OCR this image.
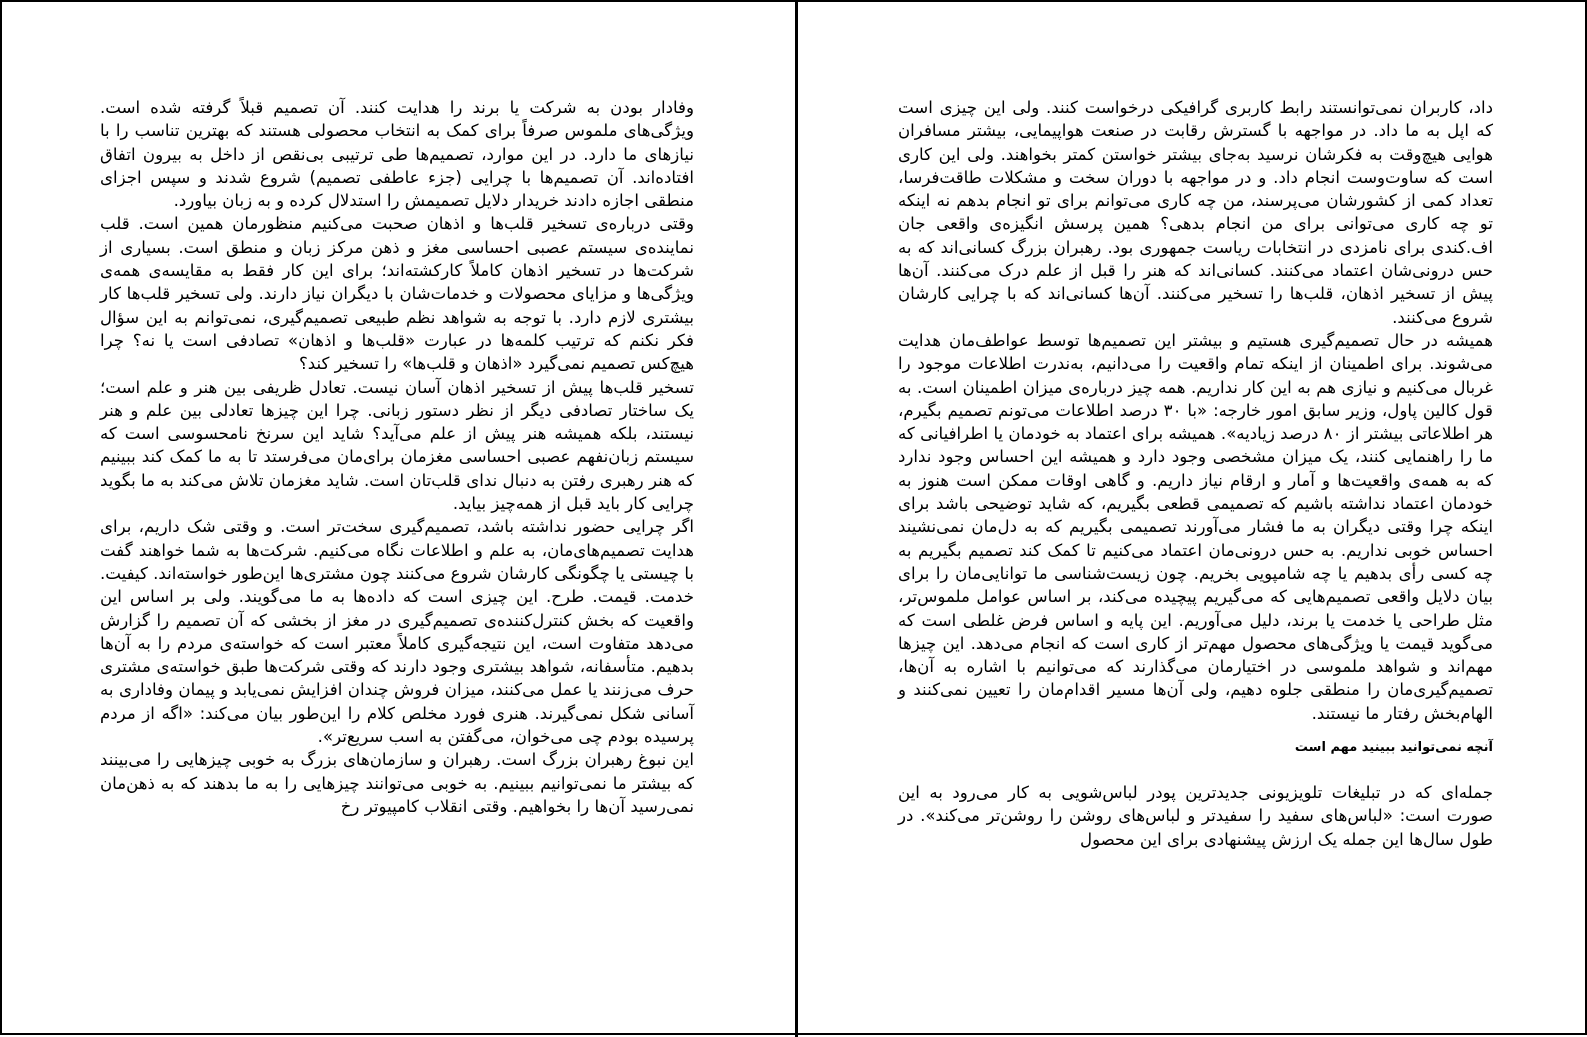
وفادار بودن به شرکت یا برند را هدایت کنند. آن تصمیم قبلاً گرفته شده است. ویژگی‌های ملموس صرفاً برای کمک به انتخاب محصولی هستند که بهترین تناسب را با نیازهای ما دارد. در این موارد، تصمیم‌ها طی ترتیبی بی‌نقص از داخل به بیرون اتفاق افتاده‌اند. آن تصمیم‌ها با چرایی (جزء عاطفی تصمیم) شروع شدند و سپس اجزای منطقی اجازه دادند خریدار دلایل تصمیمش را استدلال کرده و به زبان بیاورد.

وقتی درباره‌ی تسخیر قلب‌ها و اذهان صحبت می‌کنیم منظورمان همین است. قلب نماینده‌ی سیستم عصبی احساسی مغز و ذهن مرکز زبان و منطق است. بسیاری از شرکت‌ها در تسخیر اذهان کاملاً کارکشته‌اند؛ برای این کار فقط به مقایسه‌ی همه‌ی ویژگی‌ها و مزایای محصولات و خدمات‌شان با دیگران نیاز دارند. ولی تسخیر قلب‌ها کار بیشتری لازم دارد. با توجه به شواهد نظم طبیعی تصمیم‌گیری، نمی‌توانم به این سؤال فکر نکنم که ترتیب کلمه‌ها در عبارت «قلب‌ها و اذهان» تصادفی است یا نه؟ چرا هیچ‌کس تصمیم نمی‌گیرد «اذهان و قلب‌ها» را تسخیر کند؟

تسخیر قلب‌ها پیش از تسخیر اذهان آسان نیست. تعادل ظریفی بین هنر و علم است؛ یک ساختار تصادفی دیگر از نظر دستور زبانی. چرا این چیزها تعادلی بین علم و هنر نیستند، بلکه همیشه هنر پیش از علم می‌آید؟ شاید این سرنخ نامحسوسی است که سیستم زبان‌نفهم عصبی احساسی مغزمان برای‌مان می‌فرستد تا به ما کمک کند ببینیم که هنر رهبری رفتن به دنبال ندای قلب‌تان است. شاید مغزمان تلاش می‌کند به ما بگوید چرایی کار باید قبل از همه‌چیز بیاید.

اگر چرایی حضور نداشته باشد، تصمیم‌گیری سخت‌تر است. و وقتی شک داریم، برای هدایت تصمیم‌های‌مان، به علم و اطلاعات نگاه می‌کنیم. شرکت‌ها به شما خواهند گفت با چیستی یا چگونگی کارشان شروع می‌کنند چون مشتری‌ها این‌طور خواسته‌اند. کیفیت. خدمت. قیمت. طرح. این چیزی است که داده‌ها به ما می‌گویند. ولی بر اساس این واقعیت که بخش کنترل‌کننده‌ی تصمیم‌گیری در مغز از بخشی که آن تصمیم را گزارش می‌دهد متفاوت است، این نتیجه‌گیری کاملاً معتبر است که خواسته‌ی مردم را به آن‌ها بدهیم. متأسفانه، شواهد بیشتری وجود دارند که وقتی شرکت‌ها طبق خواسته‌ی مشتری حرف می‌زنند یا عمل می‌کنند، میزان فروش چندان افزایش نمی‌یابد و پیمان وفاداری به آسانی شکل نمی‌گیرند. هنری فورد مخلص کلام را این‌طور بیان می‌کند: «اگه از مردم پرسیده بودم چی می‌خوان، می‌گفتن به اسب سریع‌تر».

این نبوغ رهبران بزرگ است. رهبران و سازمان‌های بزرگ به خوبی چیزهایی را می‌بینند که بیشتر ما نمی‌توانیم ببینیم. به خوبی می‌توانند چیزهایی را به ما بدهند که به ذهن‌مان نمی‌رسید آن‌ها را بخواهیم. وقتی انقلاب کامپیوتر رخ

داد، کاربران نمی‌توانستند رابط کاربری گرافیکی درخواست کنند. ولی این چیزی است که اپل به ما داد. در مواجهه با گسترش رقابت در صنعت هواپیمایی، بیشتر مسافران هوایی هیچ‌وقت به فکرشان نرسید به‌جای بیشتر خواستن کمتر بخواهند. ولی این کاری است که ساوت‌وست انجام داد. و در مواجهه با دوران سخت و مشکلات طاقت‌فرسا، تعداد کمی از کشورشان می‌پرسند، من چه کاری می‌توانم برای تو انجام بدهم نه اینکه تو چه کاری می‌توانی برای من انجام بدهی؟ همین پرسش انگیزه‌ی واقعی جان اف.کندی برای نامزدی در انتخابات ریاست جمهوری بود. رهبران بزرگ کسانی‌اند که به حس درونی‌شان اعتماد می‌کنند. کسانی‌اند که هنر را قبل از علم درک می‌کنند. آن‌ها پیش از تسخیر اذهان، قلب‌ها را تسخیر می‌کنند. آن‌ها کسانی‌اند که با چرایی کارشان شروع می‌کنند.

همیشه در حال تصمیم‌گیری هستیم و بیشتر این تصمیم‌ها توسط عواطف‌مان هدایت می‌شوند. برای اطمینان از اینکه تمام واقعیت را می‌دانیم، به‌ندرت اطلاعات موجود را غربال می‌کنیم و نیازی هم به این کار نداریم. همه چیز درباره‌ی میزان اطمینان است. به قول کالین پاول، وزیر سابق امور خارجه: «با ۳۰ درصد اطلاعات می‌تونم تصمیم بگیرم، هر اطلاعاتی بیشتر از ۸۰ درصد زیادیه». همیشه برای اعتماد به خودمان یا اطرافیانی که ما را راهنمایی کنند، یک میزان مشخصی وجود دارد و همیشه این احساس وجود ندارد که به همه‌ی واقعیت‌ها و آمار و ارقام نیاز داریم. و گاهی اوقات ممکن است هنوز به خودمان اعتماد نداشته باشیم که تصمیمی قطعی بگیریم، که شاید توضیحی باشد برای اینکه چرا وقتی دیگران به ما فشار می‌آورند تصمیمی بگیریم که به دل‌مان نمی‌نشیند احساس خوبی نداریم. به حس درونی‌مان اعتماد می‌کنیم تا کمک کند تصمیم بگیریم به چه کسی رأی بدهیم یا چه شامپویی بخریم. چون زیست‌شناسی ما توانایی‌مان را برای بیان دلایل واقعی تصمیم‌هایی که می‌گیریم پیچیده می‌کند، بر اساس عوامل ملموس‌تر، مثل طراحی یا خدمت یا برند، دلیل می‌آوریم. این پایه و اساس فرض غلطی است که می‌گوید قیمت یا ویژگی‌های محصول مهم‌تر از کاری است که انجام می‌دهد. این چیزها مهم‌اند و شواهد ملموسی در اختیارمان می‌گذارند که می‌توانیم با اشاره به آن‌ها، تصمیم‌گیری‌مان را منطقی جلوه دهیم، ولی آن‌ها مسیر اقدام‌مان را تعیین نمی‌کنند و الهام‌بخش رفتار ما نیستند.

آنچه نمی‌توانید ببینید مهم است

جمله‌ای که در تبلیغات تلویزیونی جدیدترین پودر لباس‌شویی به کار می‌رود به این صورت است: «لباس‌های سفید را سفیدتر و لباس‌های روشن را روشن‌تر می‌کند». در طول سال‌ها این جمله یک ارزش پیشنهادی برای این محصول
